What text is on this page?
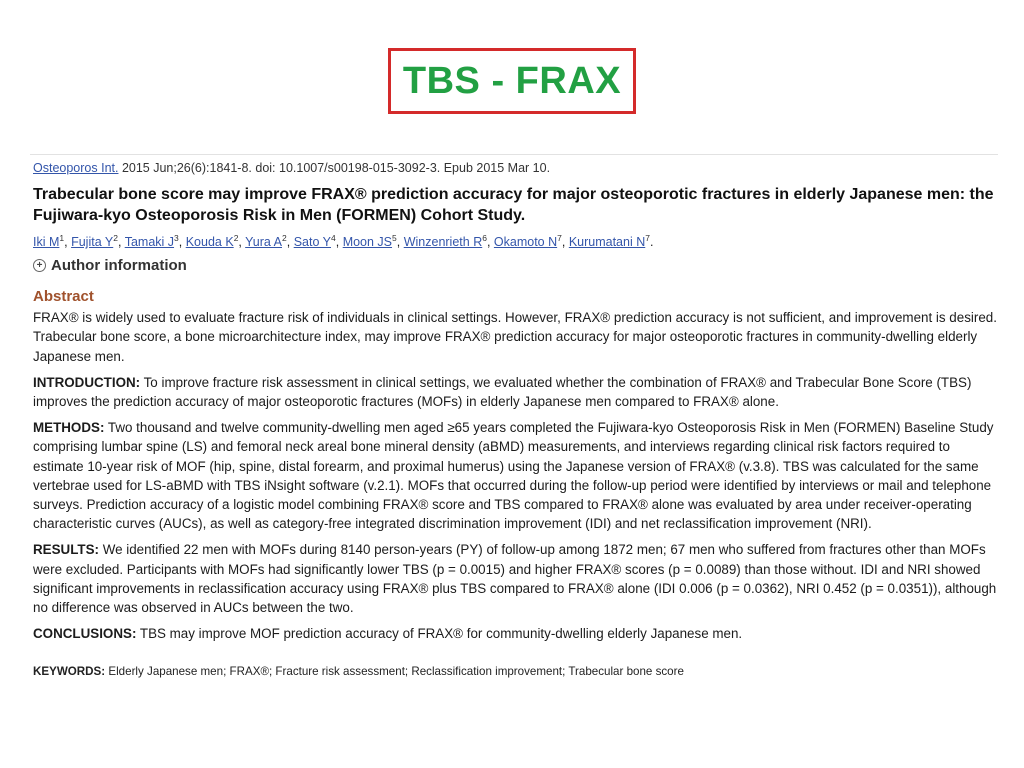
TBS - FRAX
Osteoporos Int. 2015 Jun;26(6):1841-8. doi: 10.1007/s00198-015-3092-3. Epub 2015 Mar 10.
Trabecular bone score may improve FRAX® prediction accuracy for major osteoporotic fractures in elderly Japanese men: the Fujiwara-kyo Osteoporosis Risk in Men (FORMEN) Cohort Study.
Iki $M^1$, Fujita $Y^2$, Tamaki $J^3$, Kouda $K^2$, Yura $A^2$, Sato $Y^4$, Moon $JS^5$, Winzenrieth $R^6$, Okamoto $N^7$, Kurumatani $N^7$.
+ Author information
Abstract

FRAX® is widely used to evaluate fracture risk of individuals in clinical settings. However, FRAX® prediction accuracy is not sufficient, and improvement is desired. Trabecular bone score, a bone microarchitecture index, may improve FRAX® prediction accuracy for major osteoporotic fractures in community-dwelling elderly Japanese men.

INTRODUCTION: To improve fracture risk assessment in clinical settings, we evaluated whether the combination of FRAX® and Trabecular Bone Score (TBS) improves the prediction accuracy of major osteoporotic fractures (MOFs) in elderly Japanese men compared to FRAX® alone.

METHODS: Two thousand and twelve community-dwelling men aged ≥65 years completed the Fujiwara-kyo Osteoporosis Risk in Men (FORMEN) Baseline Study comprising lumbar spine (LS) and femoral neck areal bone mineral density (aBMD) measurements, and interviews regarding clinical risk factors required to estimate 10-year risk of MOF (hip, spine, distal forearm, and proximal humerus) using the Japanese version of FRAX® (v.3.8). TBS was calculated for the same vertebrae used for LS-aBMD with TBS iNsight software (v.2.1). MOFs that occurred during the follow-up period were identified by interviews or mail and telephone surveys. Prediction accuracy of a logistic model combining FRAX® score and TBS compared to FRAX® alone was evaluated by area under receiver-operating characteristic curves (AUCs), as well as category-free integrated discrimination improvement (IDI) and net reclassification improvement (NRI).

RESULTS: We identified 22 men with MOFs during 8140 person-years (PY) of follow-up among 1872 men; 67 men who suffered from fractures other than MOFs were excluded. Participants with MOFs had significantly lower TBS (p = 0.0015) and higher FRAX® scores (p = 0.0089) than those without. IDI and NRI showed significant improvements in reclassification accuracy using FRAX® plus TBS compared to FRAX® alone (IDI 0.006 (p = 0.0362), NRI 0.452 (p = 0.0351)), although no difference was observed in AUCs between the two.

CONCLUSIONS: TBS may improve MOF prediction accuracy of FRAX® for community-dwelling elderly Japanese men.

KEYWORDS: Elderly Japanese men; FRAX®; Fracture risk assessment; Reclassification improvement; Trabecular bone score
